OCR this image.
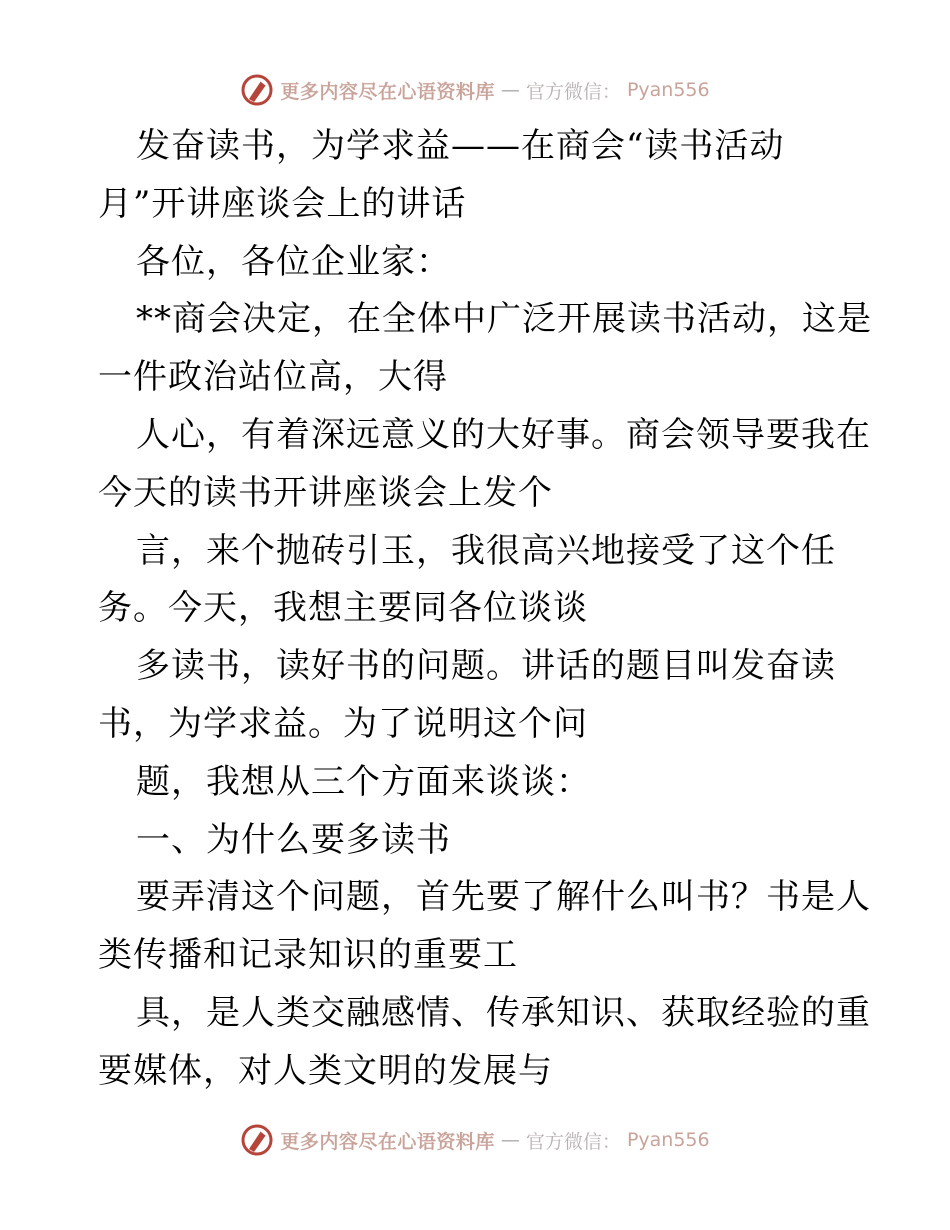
更多内容尽在心语资料库 — 官方微信： Pyan556
发奋读书，为学求益——在商会“读书活动
月”开讲座谈会上的讲话
各位，各位企业家：
**商会决定，在全体中广泛开展读书活动，这是
一件政治站位高，大得
人心，有着深远意义的大好事。商会领导要我在
今天的读书开讲座谈会上发个
言，来个抛砖引玉，我很高兴地接受了这个任
务。今天，我想主要同各位谈谈
多读书，读好书的问题。讲话的题目叫发奋读
书，为学求益。为了说明这个问
题，我想从三个方面来谈谈：
一、为什么要多读书
要弄清这个问题，首先要了解什么叫书？书是人
类传播和记录知识的重要工
具，是人类交融感情、传承知识、获取经验的重
要媒体，对人类文明的发展与
更多内容尽在心语资料库 — 官方微信： Pyan556
